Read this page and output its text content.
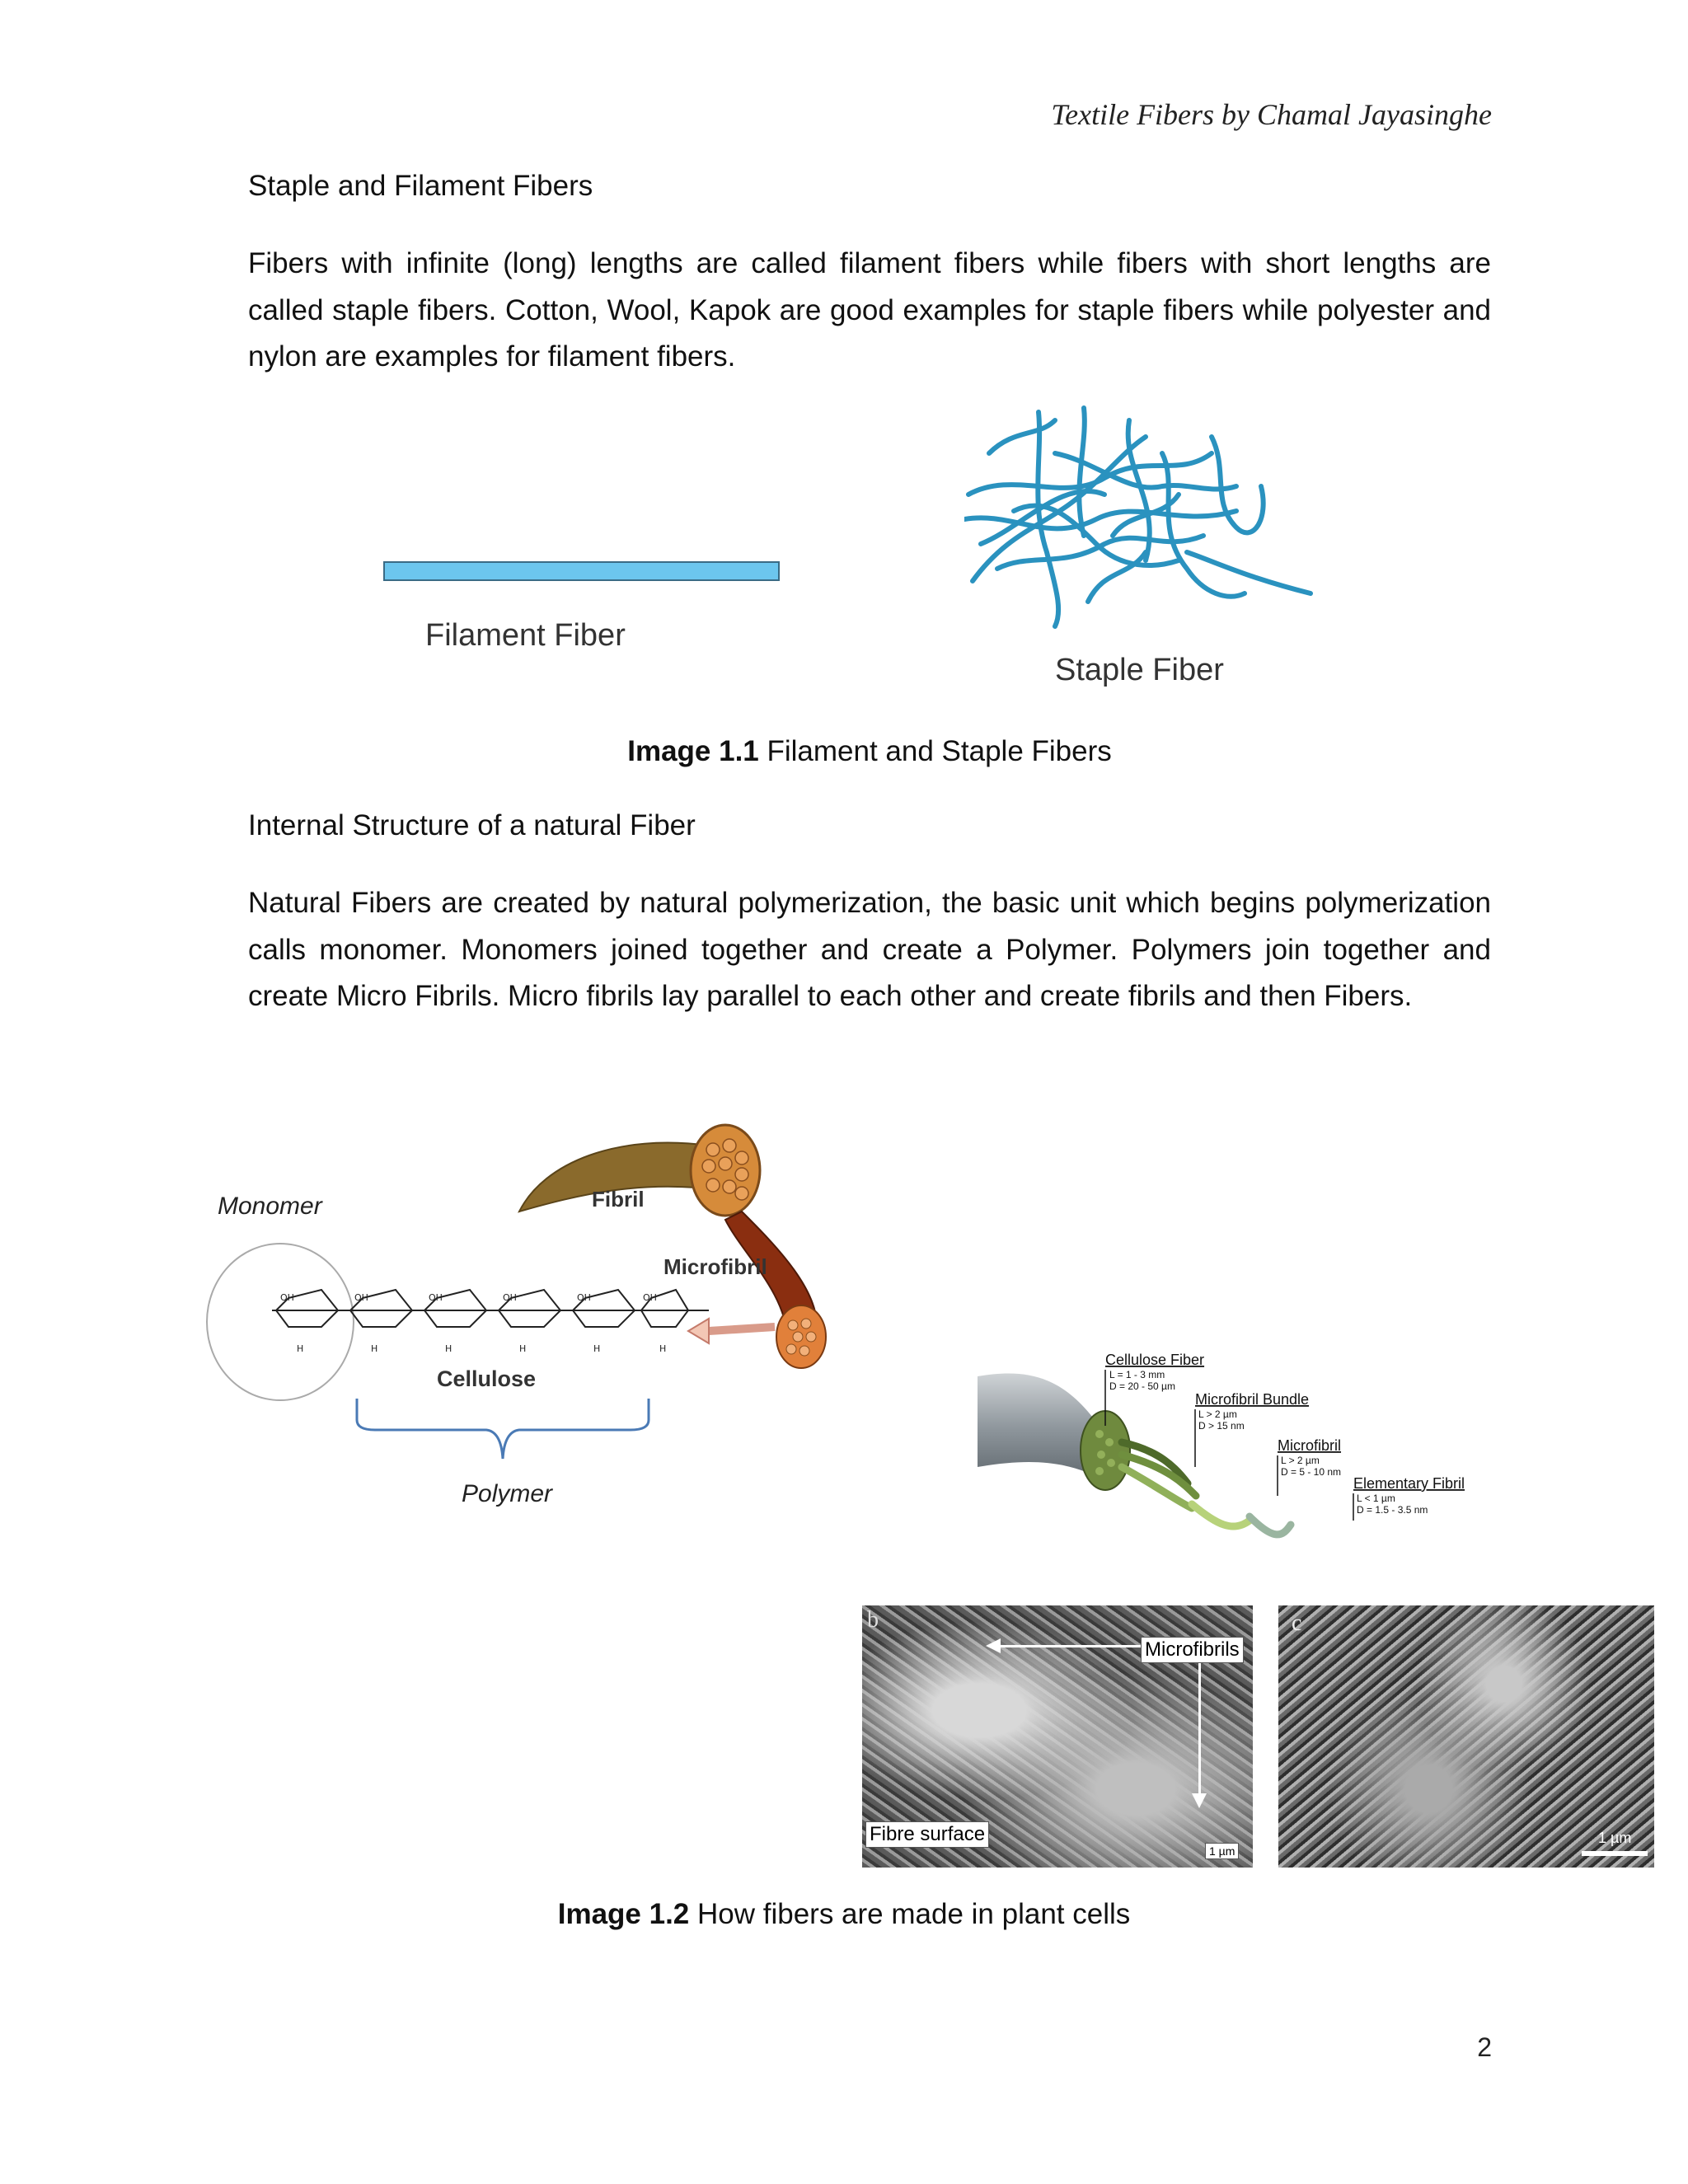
Textile Fibers by Chamal Jayasinghe
Staple and Filament Fibers

Fibers with infinite (long) lengths are called filament fibers while fibers with short lengths are called staple fibers. Cotton, Wool, Kapok are good examples for staple fibers while polyester and nylon are examples for filament fibers.

Filament Fiber
Staple Fiber
Image 1.1 Filament and Staple Fibers
Internal Structure of a natural Fiber

Natural Fibers are created by natural polymerization, the basic unit which begins polymerization calls monomer. Monomers joined together and create a Polymer. Polymers join together and create Micro Fibrils. Micro fibrils lay parallel to each other and create fibrils and then Fibers.

Monomer
OH	OH	OH	OH	OH	OH
H	H	H	H	H	H
Fibril
Microfibril
Cellulose
Polymer
Cellulose Fiber
L = 1 - 3 mm
D = 20 - 50 µm
Microfibril Bundle
L > 2 µm
D > 15 nm
Microfibril
L > 2 µm
D = 5 - 10 nm
Elementary Fibril
L < 1 µm
D = 1.5 - 3.5 nm
b
Microfibrils
Fibre surface
1 µm
c
1 µm
Image 1.2 How fibers are made in plant cells
2
